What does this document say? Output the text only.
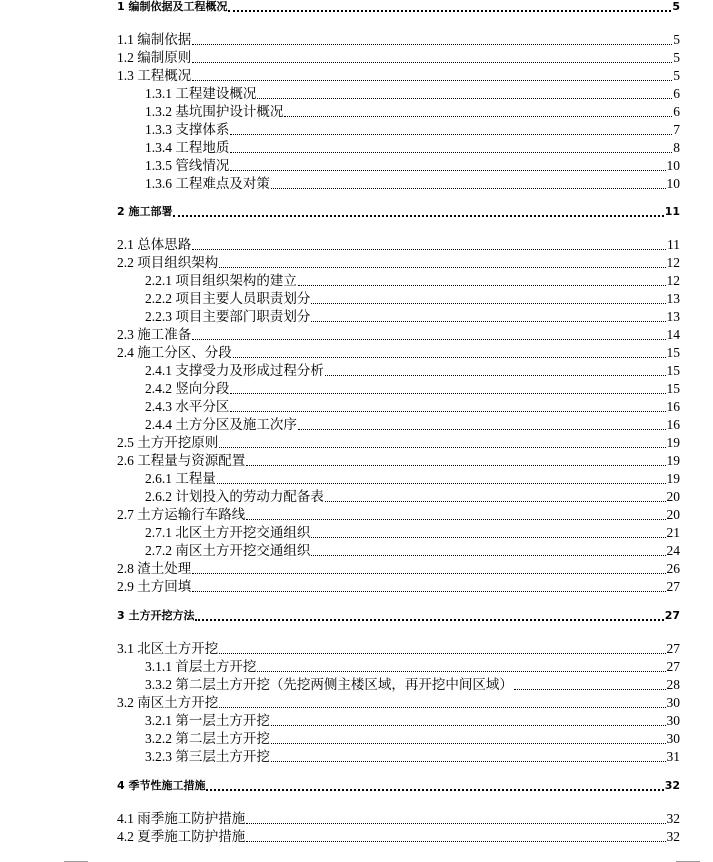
1 编制依据及工程概况	5
1.1 编制依据	5
1.2 编制原则	5
1.3 工程概况	5
1.3.1 工程建设概况	6
1.3.2 基坑围护设计概况	6
1.3.3 支撑体系	7
1.3.4 工程地质	8
1.3.5 管线情况	10
1.3.6 工程难点及对策	10
2 施工部署	11
2.1 总体思路	11
2.2 项目组织架构	12
2.2.1 项目组织架构的建立	12
2.2.2 项目主要人员职责划分	13
2.2.3 项目主要部门职责划分	13
2.3 施工准备	14
2.4 施工分区、分段	15
2.4.1 支撑受力及形成过程分析	15
2.4.2 竖向分段	15
2.4.3 水平分区	16
2.4.4 土方分区及施工次序	16
2.5 土方开挖原则	19
2.6 工程量与资源配置	19
2.6.1 工程量	19
2.6.2 计划投入的劳动力配备表	20
2.7 土方运输行车路线	20
2.7.1 北区土方开挖交通组织	21
2.7.2 南区土方开挖交通组织	24
2.8 渣土处理	26
2.9 土方回填	27
3 土方开挖方法	27
3.1 北区土方开挖	27
3.1.1 首层土方开挖	27
3.3.2 第二层土方开挖（先挖两侧主楼区域，再开挖中间区域）	28
3.2 南区土方开挖	30
3.2.1 第一层土方开挖	30
3.2.2 第二层土方开挖	30
3.2.3 第三层土方开挖	31
4 季节性施工措施	32
4.1 雨季施工防护措施	32
4.2 夏季施工防护措施	32
